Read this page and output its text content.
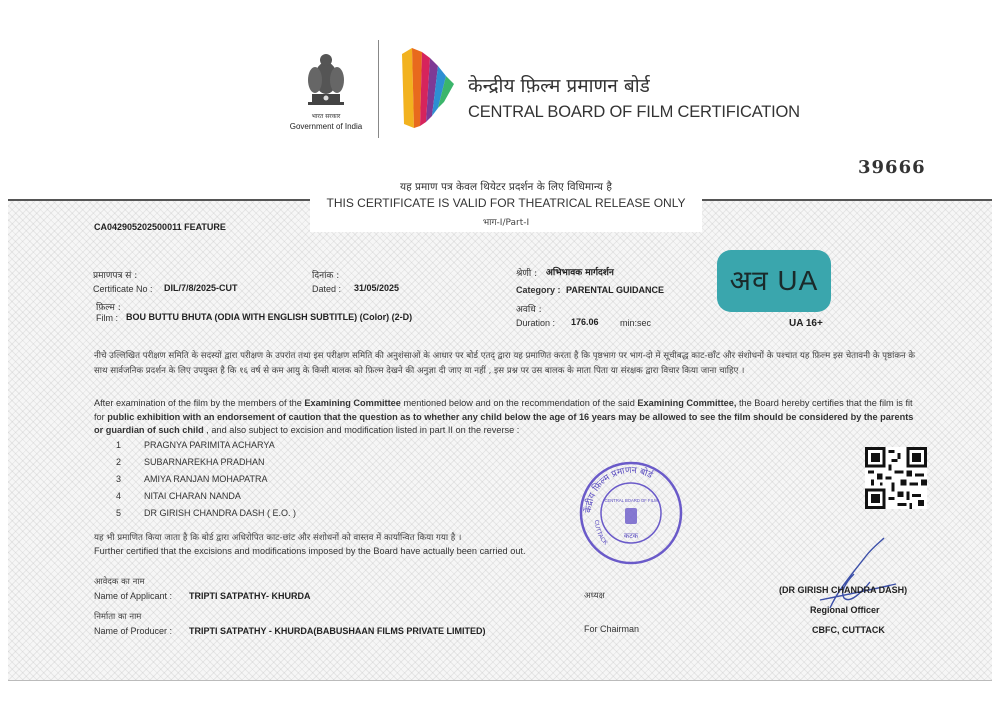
भारत सरकार
Government of India
केन्द्रीय फ़िल्म प्रमाणन बोर्ड
CENTRAL BOARD OF FILM CERTIFICATION
39666
यह प्रमाण पत्र केवल थियेटर प्रदर्शन के लिए विधिमान्य है
THIS CERTIFICATE IS VALID FOR THEATRICAL RELEASE ONLY
भाग-I/Part-I
CA042905202500011 FEATURE
प्रमाणपत्र सं :
Certificate No : DIL/7/8/2025-CUT
दिनांक :
Dated : 31/05/2025
श्रेणी : अभिभावक मार्गदर्शन
Category : PARENTAL GUIDANCE
फ़िल्म :
Film : BOU BUTTU BHUTA (ODIA WITH ENGLISH SUBTITLE) (Color) (2-D)
अवधि :
Duration : 176.06 min:sec
अव UA
UA 16+
नीचे उल्लिखित परीक्षण समिति के सदस्यों द्वारा परीक्षण के उपरांत तथा इस परीक्षण समिति की अनुशंसाओं के आधार पर बोर्ड एतद् द्वारा यह प्रमाणित करता है कि पृष्ठभाग पर भाग-दो में सूचीबद्ध काट-छाँट और संशोधनों के पश्चात यह फ़िल्म इस चेतावनी के पृष्ठांकन के साथ सार्वजनिक प्रदर्शन के लिए उपयुक्त है कि १६ वर्ष से कम आयु के किसी बालक को फ़िल्म देखने की अनुज्ञा दी जाए या नहीं , इस प्रश्न पर उस बालक के माता पिता या संरक्षक द्वारा विचार किया जाना चाहिए ।
After examination of the film by the members of the Examining Committee mentioned below and on the recommendation of the said Examining Committee, the Board hereby certifies that the film is fit for public exhibition with an endorsement of caution that the question as to whether any child below the age of 16 years may be allowed to see the film should be considered by the parents or guardian of such child , and also subject to excision and modification listed in part II on the reverse :
1	PRAGNYA PARIMITA ACHARYA
2	SUBARNAREKHA PRADHAN
3	AMIYA RANJAN MOHAPATRA
4	NITAI CHARAN NANDA
5	DR GIRISH CHANDRA DASH ( E.O. )	केंद्रीय फ़िल्म प्रमाणन बोर्ड
CUTTACK
CENTRAL BOARD OF FILM
कटक
यह भी प्रमाणित किया जाता है कि बोर्ड द्वारा अधिरोपित काट-छांट और संशोधनों को वास्तव में कार्यान्वित किया गया है ।
Further certified that the excisions and modifications imposed by the Board have actually been carried out.
आवेदक का नाम
Name of Applicant : TRIPTI SATPATHY- KHURDA
निर्माता का नाम
Name of Producer : TRIPTI SATPATHY - KHURDA(BABUSHAAN FILMS PRIVATE LIMITED)
अध्यक्ष
For Chairman
(DR GIRISH CHANDRA DASH)
Regional Officer
CBFC, CUTTACK
